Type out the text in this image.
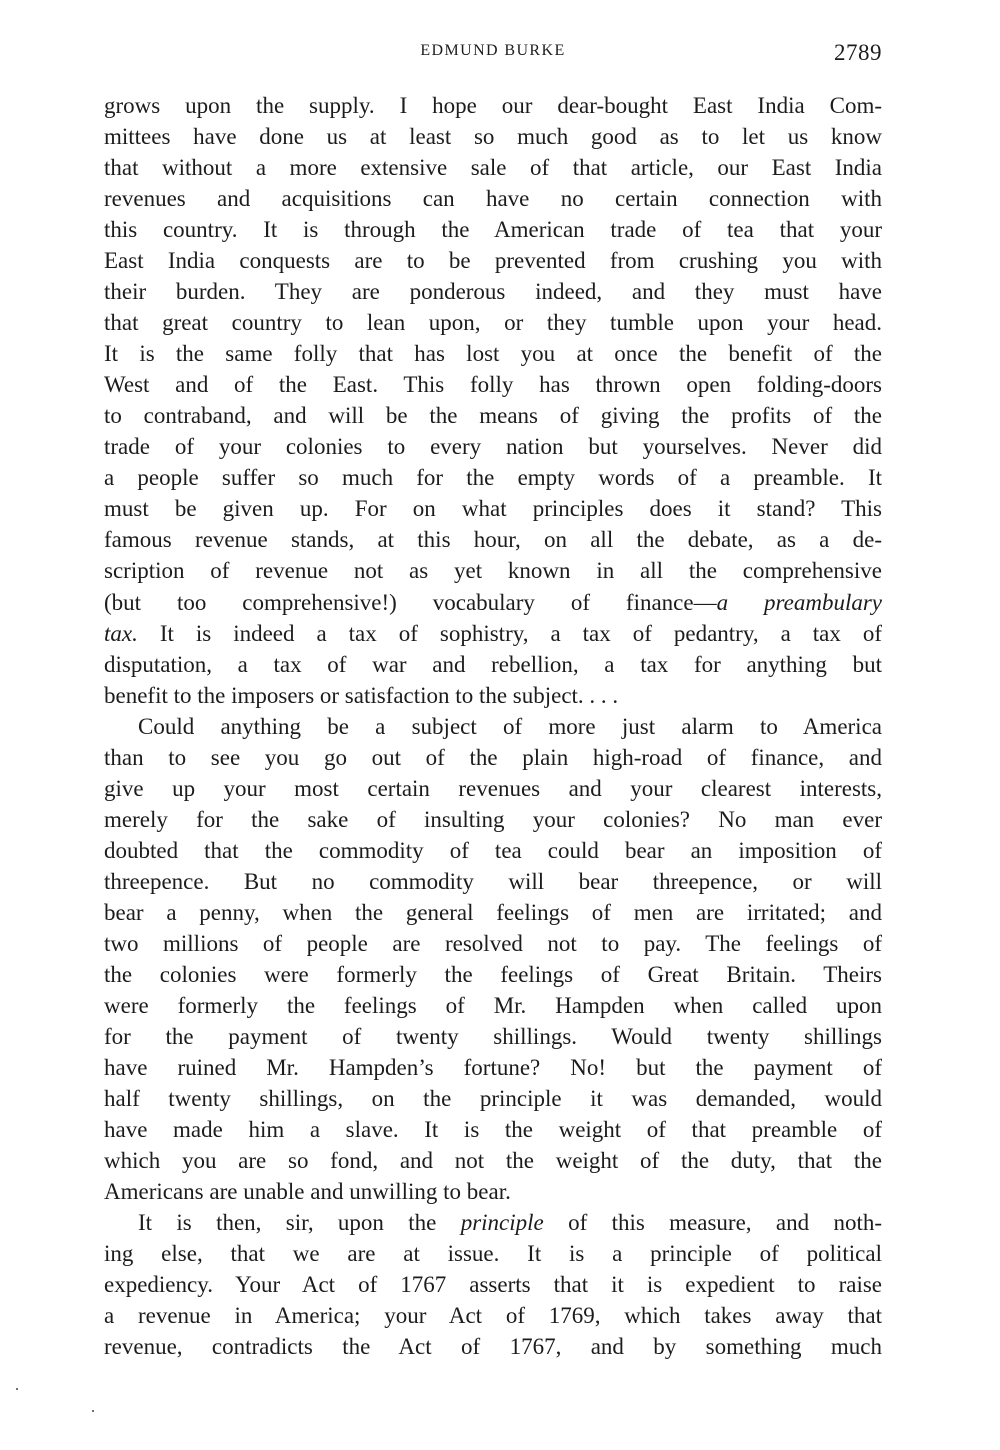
EDMUND BURKE	2789
grows upon the supply. I hope our dear-bought East India Com-
mittees have done us at least so much good as to let us know
that without a more extensive sale of that article, our East India
revenues and acquisitions can have no certain connection with
this country. It is through the American trade of tea that your
East India conquests are to be prevented from crushing you with
their burden. They are ponderous indeed, and they must have
that great country to lean upon, or they tumble upon your head.
It is the same folly that has lost you at once the benefit of the
West and of the East. This folly has thrown open folding-doors
to contraband, and will be the means of giving the profits of the
trade of your colonies to every nation but yourselves. Never did
a people suffer so much for the empty words of a preamble. It
must be given up. For on what principles does it stand? This
famous revenue stands, at this hour, on all the debate, as a de-
scription of revenue not as yet known in all the comprehensive
(but too comprehensive!) vocabulary of finance—a preambulary
tax. It is indeed a tax of sophistry, a tax of pedantry, a tax of
disputation, a tax of war and rebellion, a tax for anything but
benefit to the imposers or satisfaction to the subject. . . .
Could anything be a subject of more just alarm to America
than to see you go out of the plain high-road of finance, and
give up your most certain revenues and your clearest interests,
merely for the sake of insulting your colonies? No man ever
doubted that the commodity of tea could bear an imposition of
threepence. But no commodity will bear threepence, or will
bear a penny, when the general feelings of men are irritated; and
two millions of people are resolved not to pay. The feelings of
the colonies were formerly the feelings of Great Britain. Theirs
were formerly the feelings of Mr. Hampden when called upon
for the payment of twenty shillings. Would twenty shillings
have ruined Mr. Hampden’s fortune? No! but the payment of
half twenty shillings, on the principle it was demanded, would
have made him a slave. It is the weight of that preamble of
which you are so fond, and not the weight of the duty, that the
Americans are unable and unwilling to bear.
It is then, sir, upon the principle of this measure, and noth-
ing else, that we are at issue. It is a principle of political
expediency. Your Act of 1767 asserts that it is expedient to raise
a revenue in America; your Act of 1769, which takes away that
revenue, contradicts the Act of 1767, and by something much
